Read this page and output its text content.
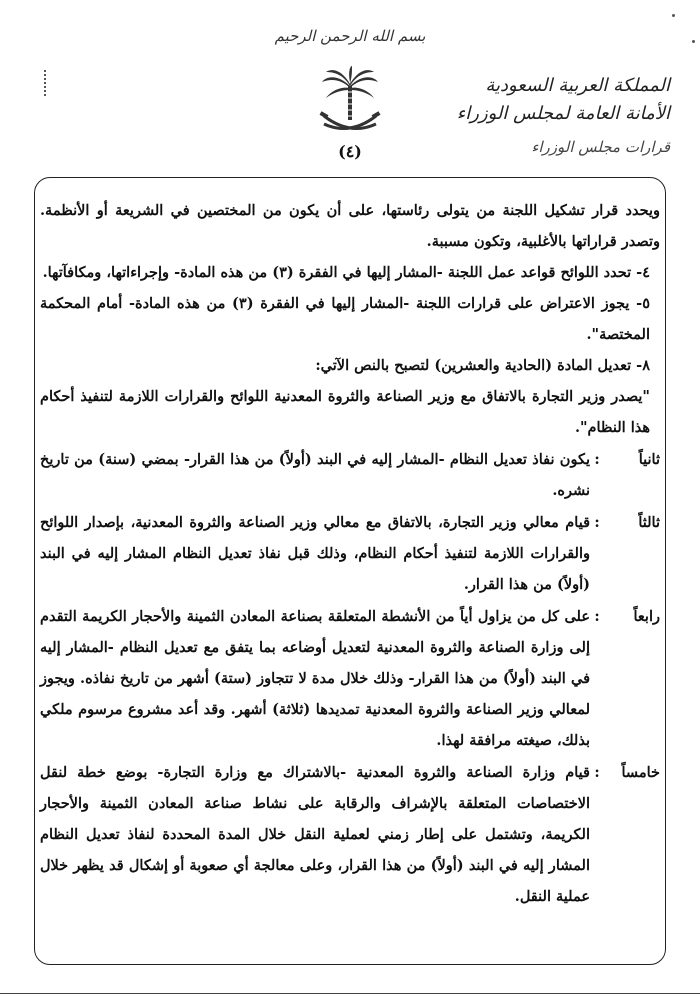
بسم الله الرحمن الرحيم
(٤)
المملكة العربية السعودية
الأمانة العامة لمجلس الوزراء
قرارات مجلس الوزراء

ويحدد قرار تشكيل اللجنة من يتولى رئاستها، على أن يكون من المختصين في الشريعة أو الأنظمة. وتصدر قراراتها بالأغلبية، وتكون مسببة.

٤- تحدد اللوائح قواعد عمل اللجنة -المشار إليها في الفقرة (٣) من هذه المادة- وإجراءاتها، ومكافآتها.

٥- يجوز الاعتراض على قرارات اللجنة -المشار إليها في الفقرة (٣) من هذه المادة- أمام المحكمة المختصة".

٨- تعديل المادة (الحادية والعشرين) لتصبح بالنص الآتي:

"يصدر وزير التجارة بالاتفاق مع وزير الصناعة والثروة المعدنية اللوائح والقرارات اللازمة لتنفيذ أحكام هذا النظام".

ثانياً
:
يكون نفاذ تعديل النظام -المشار إليه في البند (أولاً) من هذا القرار- بمضي (سنة) من تاريخ نشره.
ثالثاً
:
قيام معالي وزير التجارة، بالاتفاق مع معالي وزير الصناعة والثروة المعدنية، بإصدار اللوائح والقرارات اللازمة لتنفيذ أحكام النظام، وذلك قبل نفاذ تعديل النظام المشار إليه في البند (أولاً) من هذا القرار.
رابعاً
:
على كل من يزاول أياً من الأنشطة المتعلقة بصناعة المعادن الثمينة والأحجار الكريمة التقدم إلى وزارة الصناعة والثروة المعدنية لتعديل أوضاعه بما يتفق مع تعديل النظام -المشار إليه في البند (أولاً) من هذا القرار- وذلك خلال مدة لا تتجاوز (ستة) أشهر من تاريخ نفاذه. ويجوز لمعالي وزير الصناعة والثروة المعدنية تمديدها (ثلاثة) أشهر. وقد أعد مشروع مرسوم ملكي بذلك، صيغته مرافقة لهذا.
خامساً
:
قيام وزارة الصناعة والثروة المعدنية -بالاشتراك مع وزارة التجارة- بوضع خطة لنقل الاختصاصات المتعلقة بالإشراف والرقابة على نشاط صناعة المعادن الثمينة والأحجار الكريمة، وتشتمل على إطار زمني لعملية النقل خلال المدة المحددة لنفاذ تعديل النظام المشار إليه في البند (أولاً) من هذا القرار، وعلى معالجة أي صعوبة أو إشكال قد يظهر خلال عملية النقل.
